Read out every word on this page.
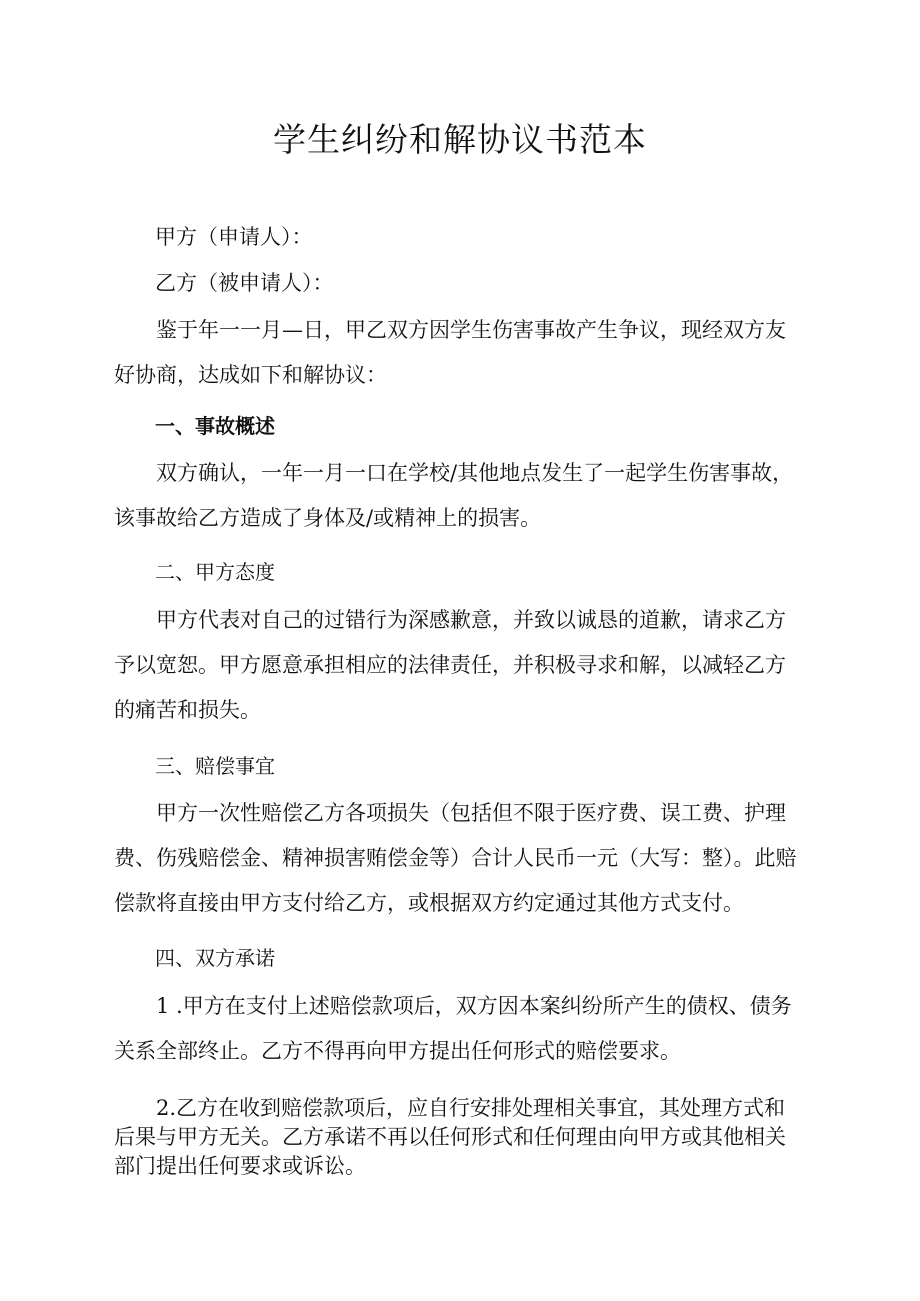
学生纠纷和解协议书范本

甲方（申请人）：

乙方（被申请人）：

鉴于年一一月—日，甲乙双方因学生伤害事故产生争议，现经双方友好协商，达成如下和解协议：

一、事故概述

双方确认，一年一月一口在学校/其他地点发生了一起学生伤害事故，该事故给乙方造成了身体及/或精神上的损害。

二、甲方态度

甲方代表对自己的过错行为深感歉意，并致以诚恳的道歉，请求乙方予以宽恕。甲方愿意承担相应的法律责任，并积极寻求和解，以减轻乙方的痛苦和损失。

三、赔偿事宜

甲方一次性赔偿乙方各项损失（包括但不限于医疗费、误工费、护理费、伤残赔偿金、精神损害贿偿金等）合计人民币一元（大写：整）。此赔偿款将直接由甲方支付给乙方，或根据双方约定通过其他方式支付。

四、双方承诺

1 .甲方在支付上述赔偿款项后，双方因本案纠纷所产生的债权、债务关系全部终止。乙方不得再向甲方提出任何形式的赔偿要求。

2.乙方在收到赔偿款项后，应自行安排处理相关事宜，其处理方式和后果与甲方无关。乙方承诺不再以任何形式和任何理由向甲方或其他相关部门提出任何要求或诉讼。
